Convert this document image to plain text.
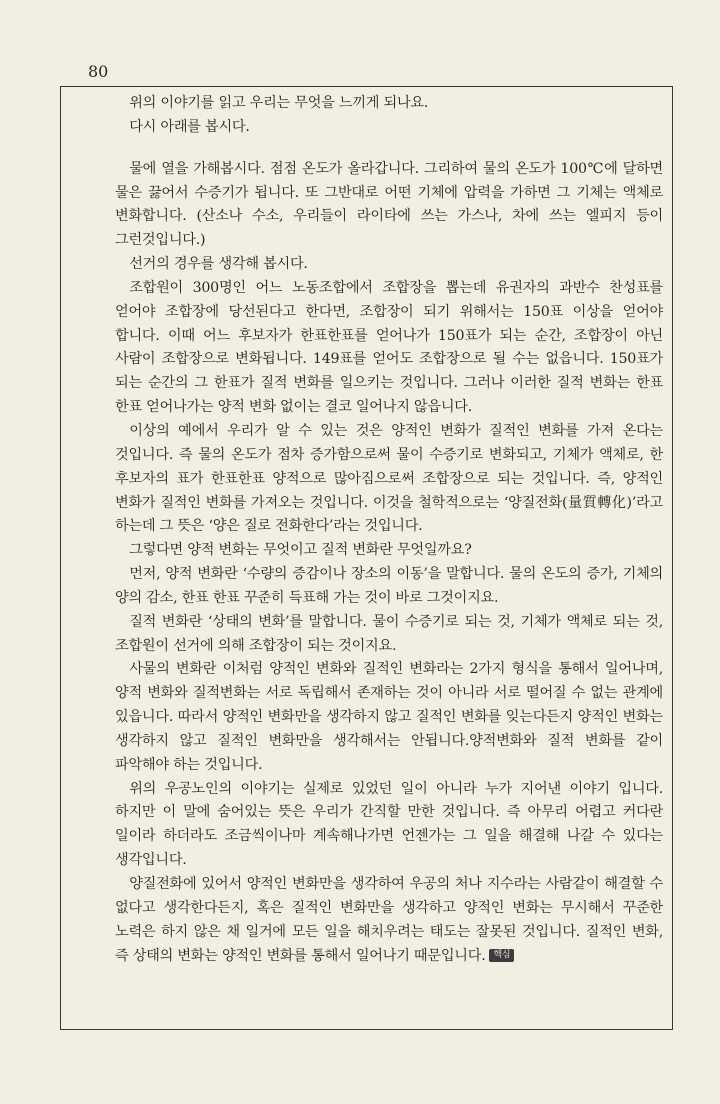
80

위의 이야기를 읽고 우리는 무엇을 느끼게 되나요.

다시 아래를 봅시다.

물에 열을 가해봅시다. 점점 온도가 올라갑니다. 그리하여 물의 온도가 100℃에 달하면 물은 끓어서 수증기가 됩니다. 또 그반대로 어떤 기체에 압력을 가하면 그 기체는 액체로 변화합니다. (산소나 수소, 우리들이 라이타에 쓰는 가스나, 차에 쓰는 엘피지 등이 그런것입니다.)

선거의 경우를 생각해 봅시다.

조합원이 300명인 어느 노동조합에서 조합장을 뽑는데 유권자의 과반수 찬성표를 얻어야 조합장에 당선된다고 한다면, 조합장이 되기 위해서는 150표 이상을 얻어야 합니다. 이때 어느 후보자가 한표한표를 얻어나가 150표가 되는 순간, 조합장이 아닌 사람이 조합장으로 변화됩니다. 149표를 얻어도 조합장으로 될 수는 없읍니다. 150표가 되는 순간의 그 한표가 질적 변화를 일으키는 것입니다. 그러나 이러한 질적 변화는 한표 한표 얻어나가는 양적 변화 없이는 결코 일어나지 않읍니다.

이상의 예에서 우리가 알 수 있는 것은 양적인 변화가 질적인 변화를 가져 온다는 것입니다. 즉 물의 온도가 점차 증가함으로써 물이 수증기로 변화되고, 기체가 액체로, 한 후보자의 표가 한표한표 양적으로 많아짐으로써 조합장으로 되는 것입니다. 즉, 양적인 변화가 질적인 변화를 가져오는 것입니다. 이것을 철학적으로는 ‘양질전화(量質轉化)’라고 하는데 그 뜻은 ‘양은 질로 전화한다’라는 것입니다.

그렇다면 양적 변화는 무엇이고 질적 변화란 무엇일까요?

먼저, 양적 변화란 ‘수량의 증감이나 장소의 이동’을 말합니다. 물의 온도의 증가, 기체의 양의 감소, 한표 한표 꾸준히 득표해 가는 것이 바로 그것이지요.

질적 변화란 ‘상태의 변화’를 말합니다. 물이 수증기로 되는 것, 기체가 액체로 되는 것, 조합원이 선거에 의해 조합장이 되는 것이지요.

사물의 변화란 이처럼 양적인 변화와 질적인 변화라는 2가지 형식을 통해서 일어나며, 양적 변화와 질적변화는 서로 독립해서 존재하는 것이 아니라 서로 떨어질 수 없는 관계에 있읍니다. 따라서 양적인 변화만을 생각하지 않고 질적인 변화를 잊는다든지 양적인 변화는 생각하지 않고 질적인 변화만을 생각해서는 안됩니다.양적변화와 질적 변화를 같이 파악해야 하는 것입니다.

위의 우공노인의 이야기는 실제로 있었던 일이 아니라 누가 지어낸 이야기 입니다. 하지만 이 말에 숨어있는 뜻은 우리가 간직할 만한 것입니다. 즉 아무리 어렵고 커다란 일이라 하더라도 조금씩이나마 계속해나가면 언젠가는 그 일을 해결해 나갈 수 있다는 생각입니다.

양질전화에 있어서 양적인 변화만을 생각하여 우공의 처나 지수라는 사람같이 해결할 수 없다고 생각한다든지, 혹은 질적인 변화만을 생각하고 양적인 변화는 무시해서 꾸준한 노력은 하지 않은 채 일거에 모든 일을 해치우려는 태도는 잘못된 것입니다. 질적인 변화, 즉 상태의 변화는 양적인 변화를 통해서 일어나기 때문입니다. 핵심
